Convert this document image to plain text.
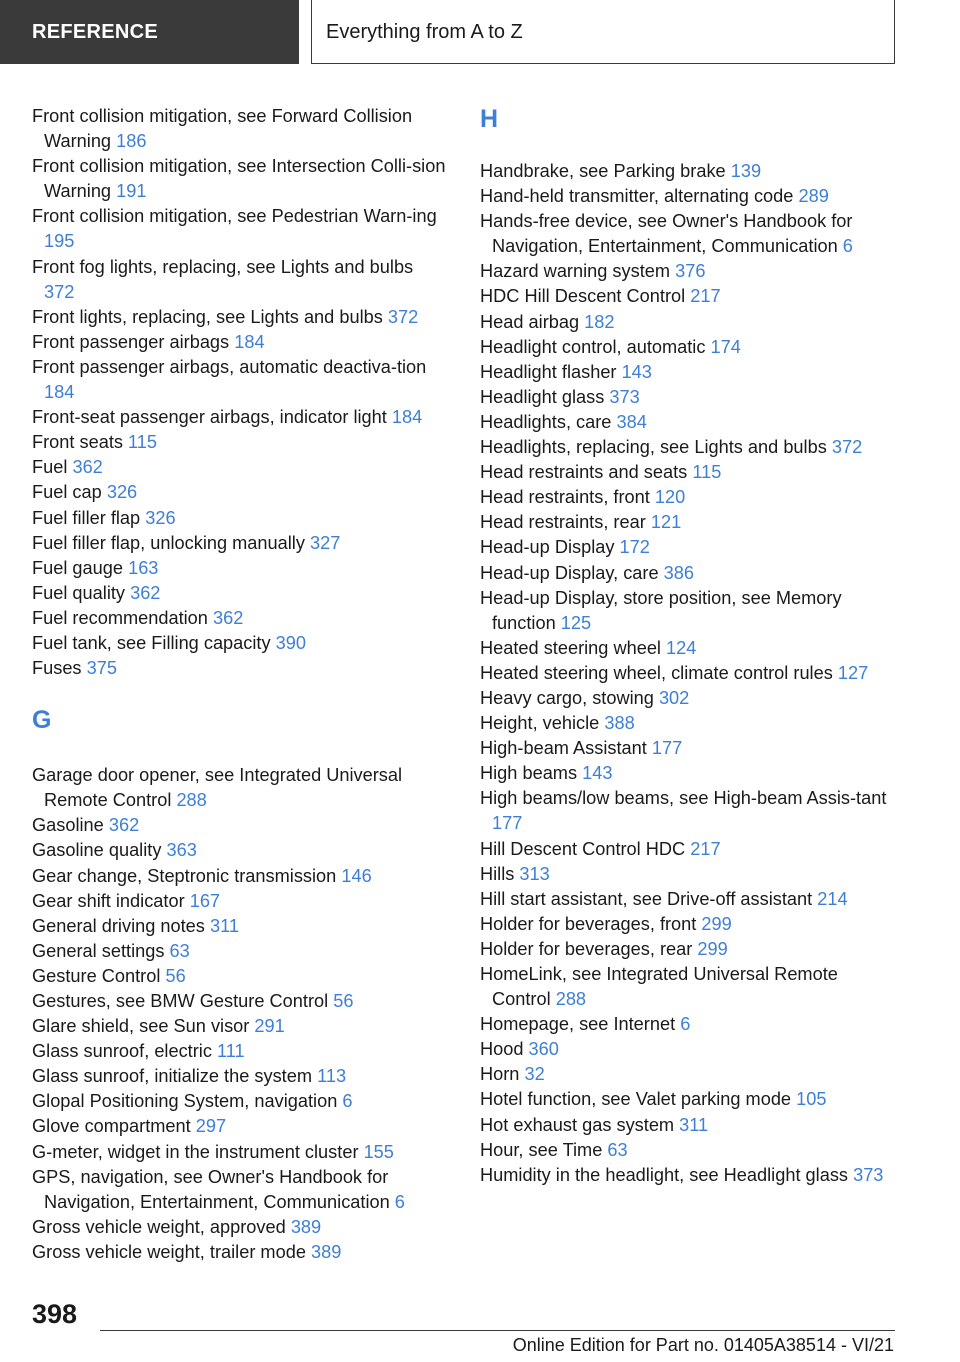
REFERENCE	Everything from A to Z

Front collision mitigation, see Forward Collision Warning 186

Front collision mitigation, see Intersection Colli-sion Warning 191

Front collision mitigation, see Pedestrian Warn-ing 195

Front fog lights, replacing, see Lights and bulbs 372

Front lights, replacing, see Lights and bulbs 372

Front passenger airbags 184

Front passenger airbags, automatic deactiva-tion 184

Front-seat passenger airbags, indicator light 184

Front seats 115

Fuel 362

Fuel cap 326

Fuel filler flap 326

Fuel filler flap, unlocking manually 327

Fuel gauge 163

Fuel quality 362

Fuel recommendation 362

Fuel tank, see Filling capacity 390

Fuses 375

G

Garage door opener, see Integrated Universal Remote Control 288

Gasoline 362

Gasoline quality 363

Gear change, Steptronic transmission 146

Gear shift indicator 167

General driving notes 311

General settings 63

Gesture Control 56

Gestures, see BMW Gesture Control 56

Glare shield, see Sun visor 291

Glass sunroof, electric 111

Glass sunroof, initialize the system 113

Glopal Positioning System, navigation 6

Glove compartment 297

G-meter, widget in the instrument cluster 155

GPS, navigation, see Owner's Handbook for Navigation, Entertainment, Communication 6

Gross vehicle weight, approved 389

Gross vehicle weight, trailer mode 389

H

Handbrake, see Parking brake 139

Hand-held transmitter, alternating code 289

Hands-free device, see Owner's Handbook for Navigation, Entertainment, Communication 6

Hazard warning system 376

HDC Hill Descent Control 217

Head airbag 182

Headlight control, automatic 174

Headlight flasher 143

Headlight glass 373

Headlights, care 384

Headlights, replacing, see Lights and bulbs 372

Head restraints and seats 115

Head restraints, front 120

Head restraints, rear 121

Head-up Display 172

Head-up Display, care 386

Head-up Display, store position, see Memory function 125

Heated steering wheel 124

Heated steering wheel, climate control rules 127

Heavy cargo, stowing 302

Height, vehicle 388

High-beam Assistant 177

High beams 143

High beams/low beams, see High-beam Assis-tant 177

Hill Descent Control HDC 217

Hills 313

Hill start assistant, see Drive-off assistant 214

Holder for beverages, front 299

Holder for beverages, rear 299

HomeLink, see Integrated Universal Remote Control 288

Homepage, see Internet 6

Hood 360

Horn 32

Hotel function, see Valet parking mode 105

Hot exhaust gas system 311

Hour, see Time 63

Humidity in the headlight, see Headlight glass 373

398
Online Edition for Part no. 01405A38514 - VI/21
